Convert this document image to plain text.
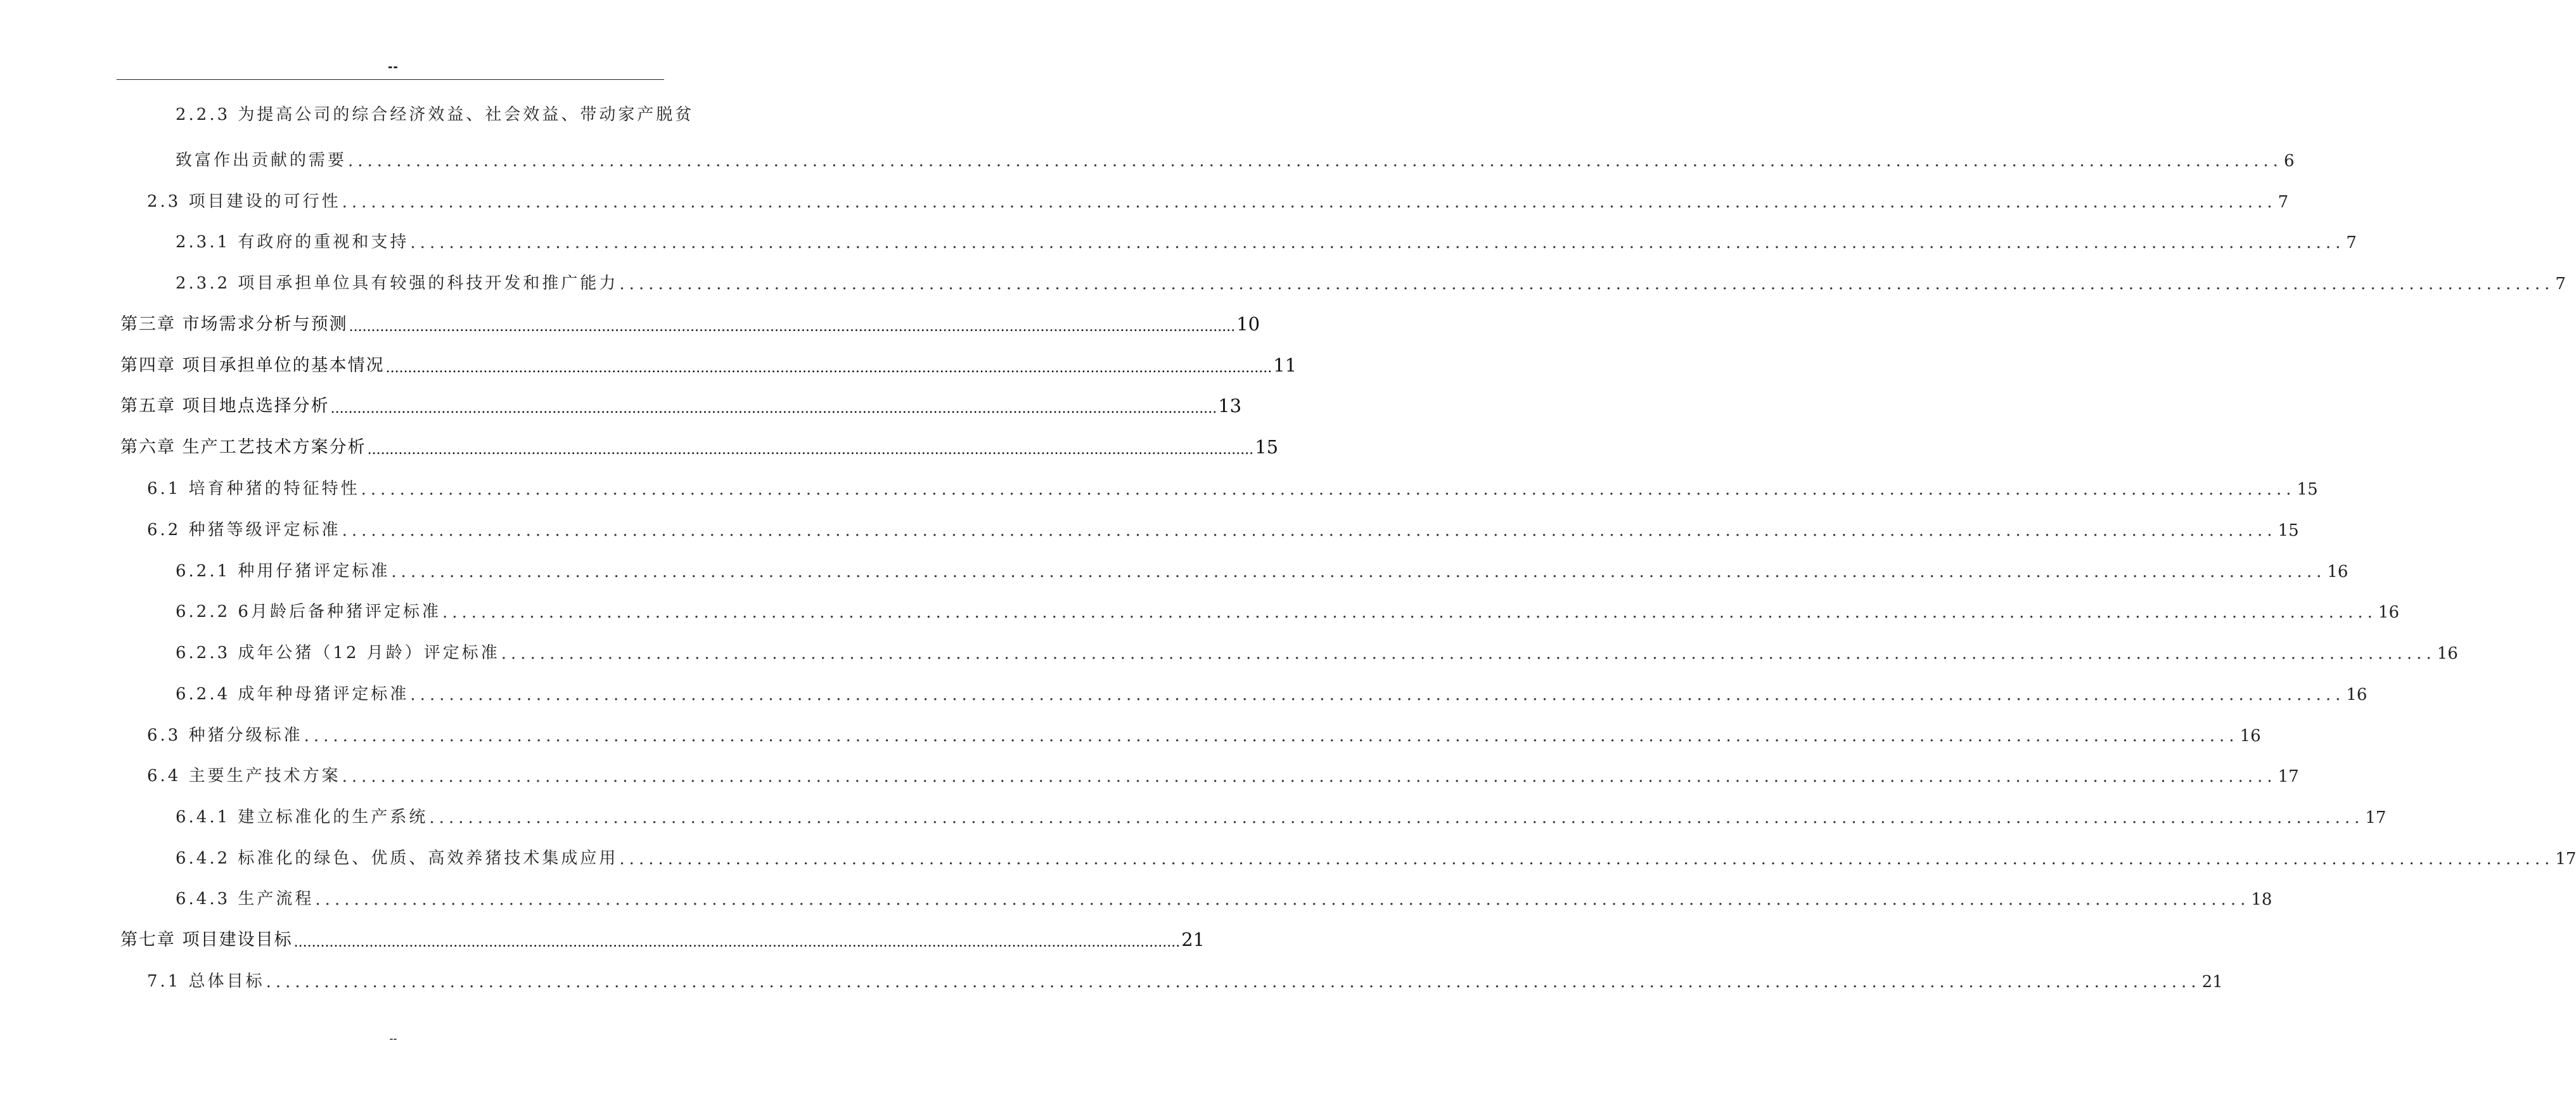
--
2.2.3 为提高公司的综合经济效益、社会效益、带动家产脱贫
致富作出贡献的需要 ........................................................................................................................................................................................................ 6
2.3 项目建设的可行性 ........................................................................................................................................................................................................ 7
2.3.1 有政府的重视和支持 ........................................................................................................................................................................................................ 7
2.3.2 项目承担单位具有较强的科技开发和推广能力 ........................................................................................................................................................................................................ 7
第三章 市场需求分析与预测 ........................................................................................................................................................................................................ 10
第四章 项目承担单位的基本情况 ........................................................................................................................................................................................................ 11
第五章 项目地点选择分析 ........................................................................................................................................................................................................ 13
第六章 生产工艺技术方案分析 ........................................................................................................................................................................................................ 15
6.1 培育种猪的特征特性 ........................................................................................................................................................................................................ 15
6.2 种猪等级评定标准 ........................................................................................................................................................................................................ 15
6.2.1 种用仔猪评定标准 ........................................................................................................................................................................................................ 16
6.2.2 6月龄后备种猪评定标准 ........................................................................................................................................................................................................ 16
6.2.3 成年公猪（12 月龄）评定标准 ........................................................................................................................................................................................................ 16
6.2.4 成年种母猪评定标准 ........................................................................................................................................................................................................ 16
6.3 种猪分级标准 ........................................................................................................................................................................................................ 16
6.4 主要生产技术方案 ........................................................................................................................................................................................................ 17
6.4.1 建立标准化的生产系统 ........................................................................................................................................................................................................ 17
6.4.2 标准化的绿色、优质、高效养猪技术集成应用 ........................................................................................................................................................................................................ 17
6.4.3 生产流程 ........................................................................................................................................................................................................ 18
第七章 项目建设目标 ........................................................................................................................................................................................................ 21
7.1 总体目标 ........................................................................................................................................................................................................ 21
--
